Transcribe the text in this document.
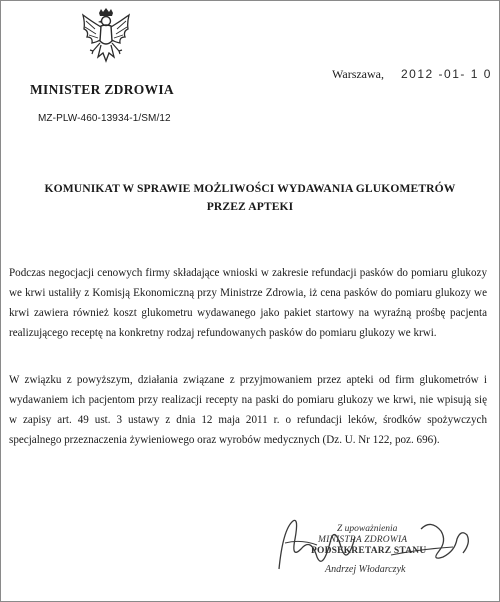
MINISTER ZDROWIA
MZ-PLW-460-13934-1/SM/12
Warszawa, 2012 -01- 1 0
KOMUNIKAT W SPRAWIE MOŻLIWOŚCI WYDAWANIA GLUKOMETRÓW
PRZEZ APTEKI

Podczas negocjacji cenowych firmy składające wnioski w zakresie refundacji pasków do pomiaru glukozy we krwi ustaliły z Komisją Ekonomiczną przy Ministrze Zdrowia, iż cena pasków do pomiaru glukozy we krwi zawiera również koszt glukometru wydawanego jako pakiet startowy na wyraźną prośbę pacjenta realizującego receptę na konkretny rodzaj refundowanych pasków do pomiaru glukozy we krwi.

W związku z powyższym, działania związane z przyjmowaniem przez apteki od firm glukometrów i wydawaniem ich pacjentom przy realizacji recepty na paski do pomiaru glukozy we krwi, nie wpisują się w zapisy art. 49 ust. 3 ustawy z dnia 12 maja 2011 r. o refundacji leków, środków spożywczych specjalnego przeznaczenia żywieniowego oraz wyrobów medycznych (Dz. U. Nr 122, poz. 696).

Z upoważnienia
MINISTRA ZDROWIA
PODSEKRETARZ STANU
Andrzej Włodarczyk
